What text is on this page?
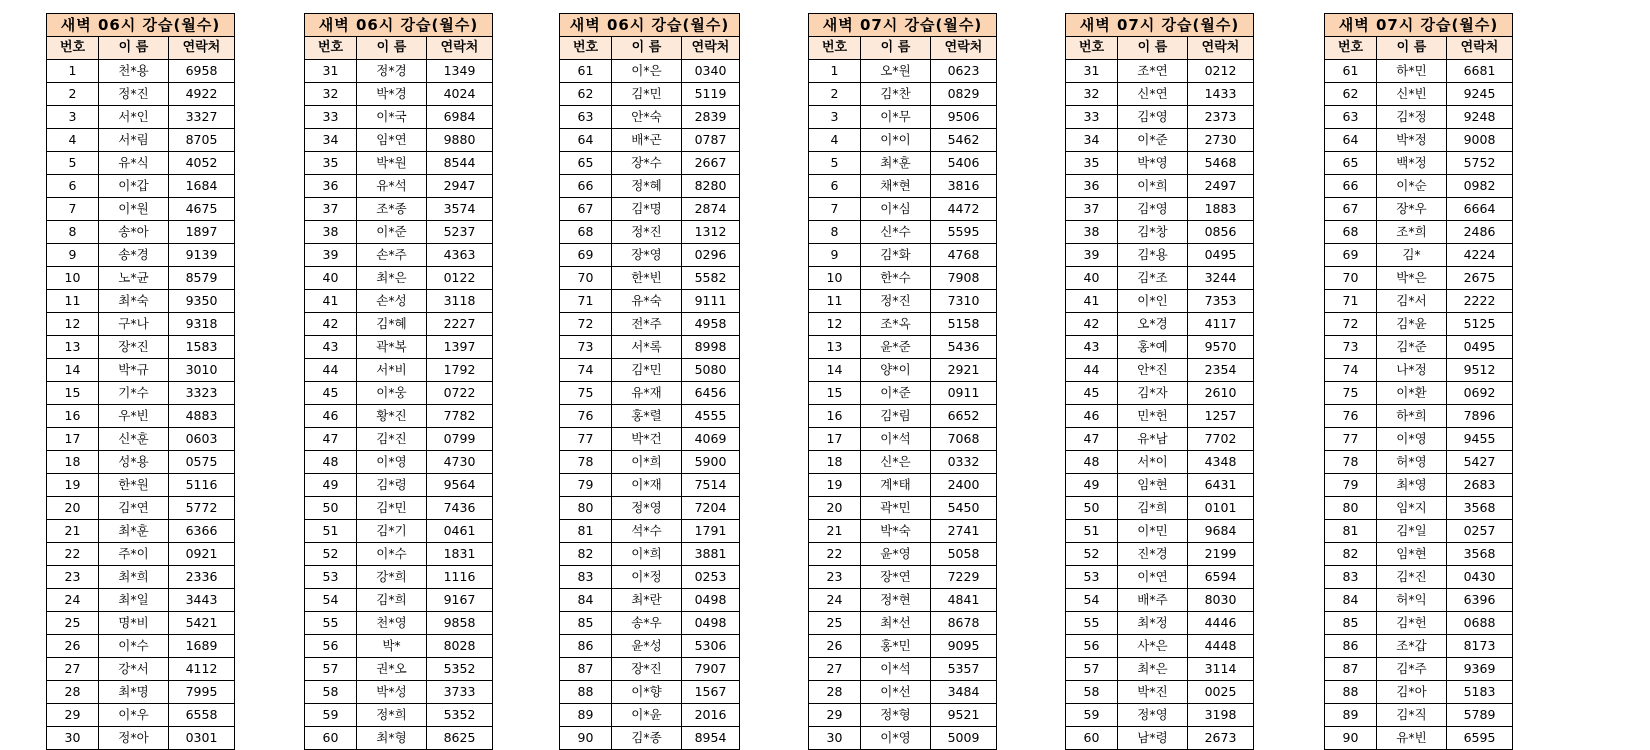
새벽 06시 강습(월수)		
번호	이 름	연락처
1	천*용	6958
2	정*진	4922
3	서*인	3327
4	서*림	8705
5	유*식	4052
6	이*갑	1684
7	이*원	4675
8	송*아	1897
9	송*경	9139
10	노*균	8579
11	최*숙	9350
12	구*나	9318
13	장*진	1583
14	박*규	3010
15	기*수	3323
16	우*빈	4883
17	신*훈	0603
18	성*용	0575
19	한*원	5116
20	김*연	5772
21	최*훈	6366
22	주*이	0921
23	최*희	2336
24	최*일	3443
25	명*비	5421
26	이*수	1689
27	강*서	4112
28	최*명	7995
29	이*우	6558
30	정*아	0301
새벽 06시 강습(월수)		
번호	이 름	연락처
31	정*경	1349
32	박*경	4024
33	이*국	6984
34	임*연	9880
35	박*원	8544
36	유*석	2947
37	조*종	3574
38	이*준	5237
39	손*주	4363
40	최*은	0122
41	손*성	3118
42	김*혜	2227
43	곽*복	1397
44	서*비	1792
45	이*웅	0722
46	황*진	7782
47	김*진	0799
48	이*영	4730
49	김*령	9564
50	김*민	7436
51	김*기	0461
52	이*수	1831
53	강*희	1116
54	김*희	9167
55	천*영	9858
56	박*	8028
57	권*오	5352
58	박*성	3733
59	정*희	5352
60	최*형	8625
새벽 06시 강습(월수)		
번호	이 름	연락처
61	이*은	0340
62	김*민	5119
63	안*숙	2839
64	배*곤	0787
65	장*수	2667
66	정*혜	8280
67	김*명	2874
68	정*진	1312
69	장*영	0296
70	한*빈	5582
71	유*숙	9111
72	전*주	4958
73	서*록	8998
74	김*민	5080
75	유*재	6456
76	홍*렬	4555
77	박*건	4069
78	이*희	5900
79	이*재	7514
80	정*영	7204
81	석*수	1791
82	이*희	3881
83	이*정	0253
84	최*란	0498
85	송*우	0498
86	윤*성	5306
87	장*진	7907
88	이*향	1567
89	이*윤	2016
90	김*종	8954
새벽 07시 강습(월수)		
번호	이 름	연락처
1	오*원	0623
2	김*찬	0829
3	이*무	9506
4	이*이	5462
5	최*훈	5406
6	채*현	3816
7	이*심	4472
8	신*수	5595
9	김*화	4768
10	한*수	7908
11	정*진	7310
12	조*옥	5158
13	윤*준	5436
14	양*이	2921
15	이*준	0911
16	김*림	6652
17	이*석	7068
18	신*은	0332
19	계*태	2400
20	곽*민	5450
21	박*숙	2741
22	윤*영	5058
23	장*연	7229
24	정*현	4841
25	최*선	8678
26	홍*민	9095
27	이*석	5357
28	이*선	3484
29	정*형	9521
30	이*영	5009
새벽 07시 강습(월수)		
번호	이 름	연락처
31	조*연	0212
32	신*연	1433
33	김*영	2373
34	이*준	2730
35	박*영	5468
36	이*희	2497
37	김*영	1883
38	김*창	0856
39	김*용	0495
40	김*조	3244
41	이*인	7353
42	오*경	4117
43	홍*예	9570
44	안*진	2354
45	김*자	2610
46	민*헌	1257
47	유*남	7702
48	서*이	4348
49	임*현	6431
50	김*희	0101
51	이*민	9684
52	진*경	2199
53	이*연	6594
54	배*주	8030
55	최*정	4446
56	사*은	4448
57	최*은	3114
58	박*진	0025
59	정*영	3198
60	남*령	2673
새벽 07시 강습(월수)		
번호	이 름	연락처
61	하*민	6681
62	신*빈	9245
63	김*정	9248
64	박*정	9008
65	백*정	5752
66	이*순	0982
67	장*우	6664
68	조*희	2486
69	김*	4224
70	박*은	2675
71	김*서	2222
72	김*윤	5125
73	김*준	0495
74	나*정	9512
75	이*환	0692
76	하*희	7896
77	이*영	9455
78	허*영	5427
79	최*영	2683
80	임*지	3568
81	김*일	0257
82	임*현	3568
83	김*진	0430
84	허*익	6396
85	김*헌	0688
86	조*갑	8173
87	김*주	9369
88	김*아	5183
89	김*직	5789
90	유*빈	6595
